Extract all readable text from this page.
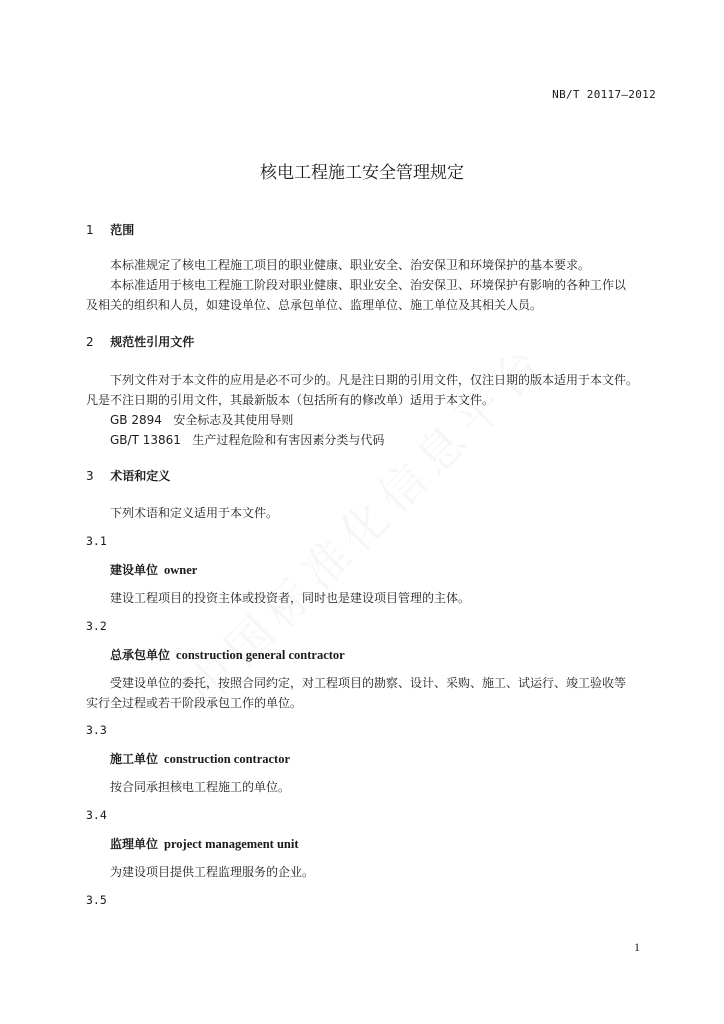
NB/T 20117—2012
核电工程施工安全管理规定
1 范围
本标准规定了核电工程施工项目的职业健康、职业安全、治安保卫和环境保护的基本要求。
本标准适用于核电工程施工阶段对职业健康、职业安全、治安保卫、环境保护有影响的各种工作以
及相关的组织和人员，如建设单位、总承包单位、监理单位、施工单位及其相关人员。
2 规范性引用文件
下列文件对于本文件的应用是必不可少的。凡是注日期的引用文件，仅注日期的版本适用于本文件。
凡是不注日期的引用文件，其最新版本（包括所有的修改单）适用于本文件。
GB 2894   安全标志及其使用导则
GB/T 13861   生产过程危险和有害因素分类与代码
3 术语和定义
下列术语和定义适用于本文件。
3.1
建设单位 owner
建设工程项目的投资主体或投资者，同时也是建设项目管理的主体。
3.2
总承包单位 construction general contractor
受建设单位的委托，按照合同约定，对工程项目的勘察、设计、采购、施工、试运行、竣工验收等
实行全过程或若干阶段承包工作的单位。
3.3
施工单位 construction contractor
按合同承担核电工程施工的单位。
3.4
监理单位 project management unit
为建设项目提供工程监理服务的企业。
3.5
1
